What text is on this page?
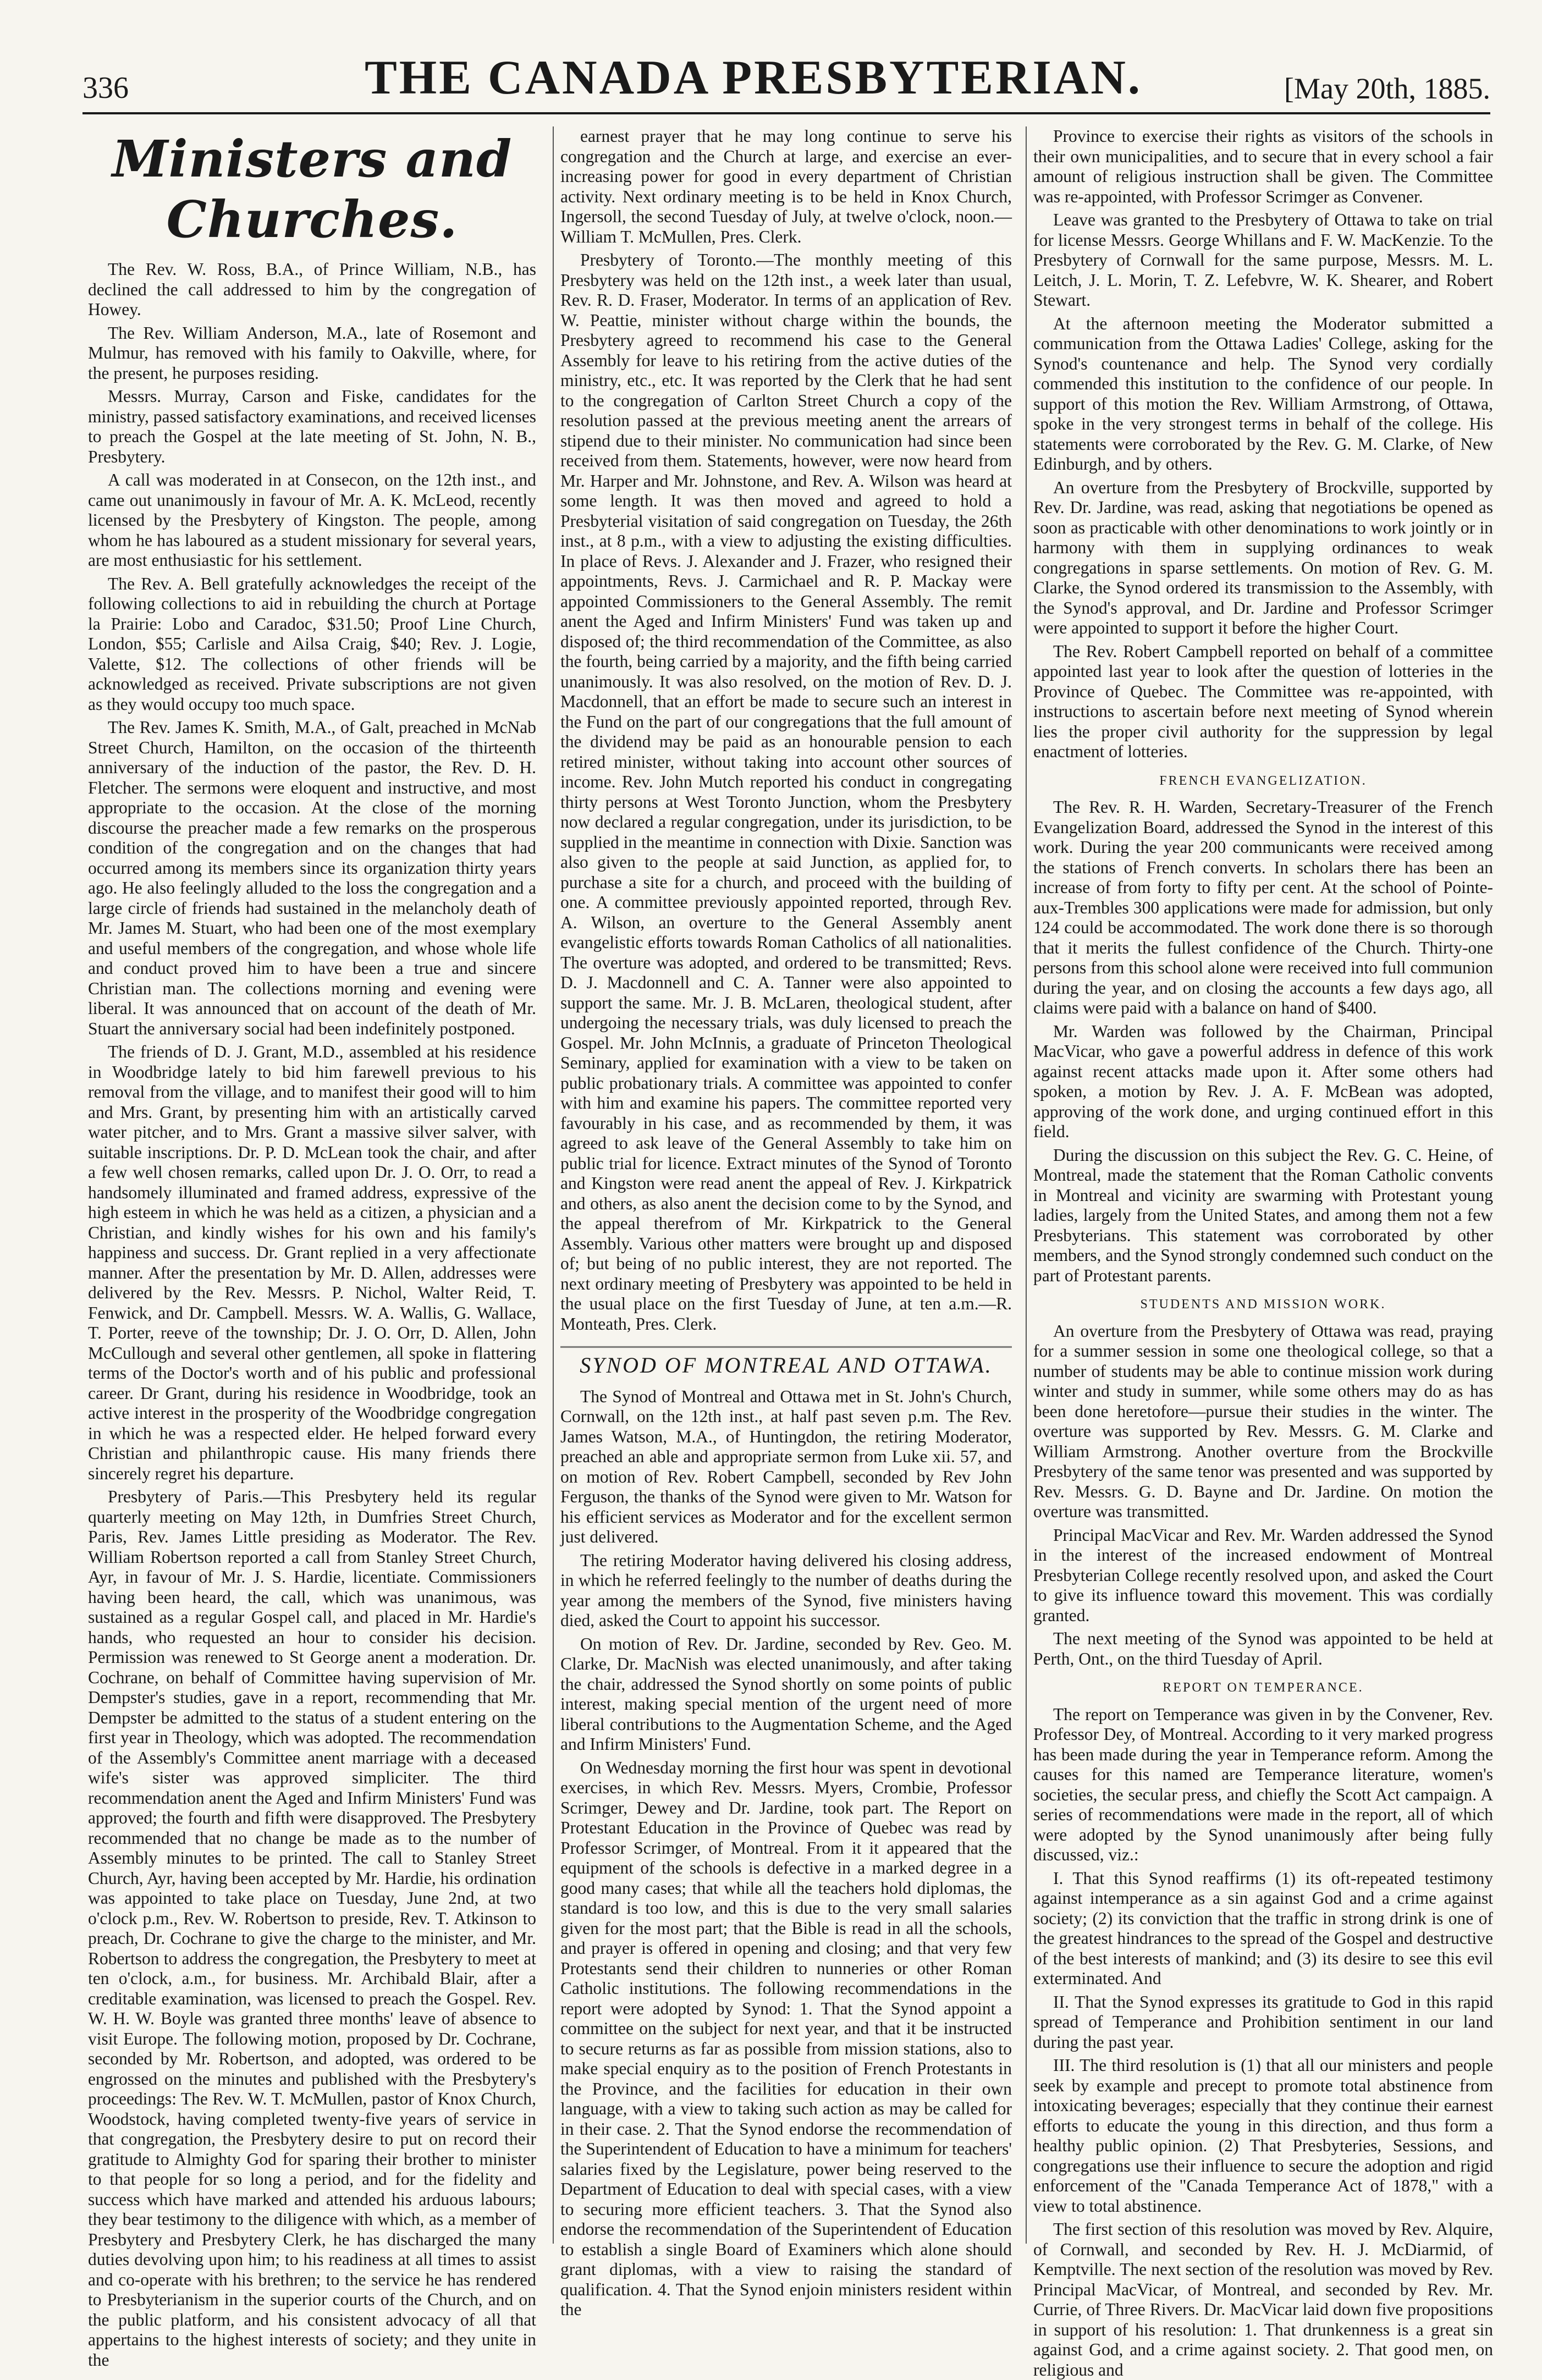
336	THE CANADA PRESBYTERIAN.	[May 20th, 1885.
Ministers and Churches.

The Rev. W. Ross, B.A., of Prince William, N.B., has declined the call addressed to him by the congregation of Howey.

The Rev. William Anderson, M.A., late of Rosemont and Mulmur, has removed with his family to Oakville, where, for the present, he purposes residing.

Messrs. Murray, Carson and Fiske, candidates for the ministry, passed satisfactory examinations, and received licenses to preach the Gospel at the late meeting of St. John, N. B., Presbytery.

A call was moderated in at Consecon, on the 12th inst., and came out unanimously in favour of Mr. A. K. McLeod, recently licensed by the Presbytery of Kingston. The people, among whom he has laboured as a student missionary for several years, are most enthusiastic for his settlement.

The Rev. A. Bell gratefully acknowledges the receipt of the following collections to aid in rebuilding the church at Portage la Prairie: Lobo and Caradoc, $31.50; Proof Line Church, London, $55; Carlisle and Ailsa Craig, $40; Rev. J. Logie, Valette, $12. The collections of other friends will be acknowledged as received. Private subscriptions are not given as they would occupy too much space.

The Rev. James K. Smith, M.A., of Galt, preached in McNab Street Church, Hamilton, on the occasion of the thirteenth anniversary of the induction of the pastor, the Rev. D. H. Fletcher. The sermons were eloquent and instructive, and most appropriate to the occasion. At the close of the morning discourse the preacher made a few remarks on the prosperous condition of the congregation and on the changes that had occurred among its members since its organization thirty years ago. He also feelingly alluded to the loss the congregation and a large circle of friends had sustained in the melancholy death of Mr. James M. Stuart, who had been one of the most exemplary and useful members of the congregation, and whose whole life and conduct proved him to have been a true and sincere Christian man. The collections morning and evening were liberal. It was announced that on account of the death of Mr. Stuart the anniversary social had been indefinitely postponed.

The friends of D. J. Grant, M.D., assembled at his residence in Woodbridge lately to bid him farewell previous to his removal from the village, and to manifest their good will to him and Mrs. Grant, by presenting him with an artistically carved water pitcher, and to Mrs. Grant a massive silver salver, with suitable inscriptions. Dr. P. D. McLean took the chair, and after a few well chosen remarks, called upon Dr. J. O. Orr, to read a handsomely illuminated and framed address, expressive of the high esteem in which he was held as a citizen, a physician and a Christian, and kindly wishes for his own and his family's happiness and success. Dr. Grant replied in a very affectionate manner. After the presentation by Mr. D. Allen, addresses were delivered by the Rev. Messrs. P. Nichol, Walter Reid, T. Fenwick, and Dr. Campbell. Messrs. W. A. Wallis, G. Wallace, T. Porter, reeve of the township; Dr. J. O. Orr, D. Allen, John McCullough and several other gentlemen, all spoke in flattering terms of the Doctor's worth and of his public and professional career. Dr Grant, during his residence in Woodbridge, took an active interest in the prosperity of the Woodbridge congregation in which he was a respected elder. He helped forward every Christian and philanthropic cause. His many friends there sincerely regret his departure.

Presbytery of Paris.—This Presbytery held its regular quarterly meeting on May 12th, in Dumfries Street Church, Paris, Rev. James Little presiding as Moderator. The Rev. William Robertson reported a call from Stanley Street Church, Ayr, in favour of Mr. J. S. Hardie, licentiate. Commissioners having been heard, the call, which was unanimous, was sustained as a regular Gospel call, and placed in Mr. Hardie's hands, who requested an hour to consider his decision. Permission was renewed to St George anent a moderation. Dr. Cochrane, on behalf of Committee having supervision of Mr. Dempster's studies, gave in a report, recommending that Mr. Dempster be admitted to the status of a student entering on the first year in Theology, which was adopted. The recommendation of the Assembly's Committee anent marriage with a deceased wife's sister was approved simpliciter. The third recommendation anent the Aged and Infirm Ministers' Fund was approved; the fourth and fifth were disapproved. The Presbytery recommended that no change be made as to the number of Assembly minutes to be printed. The call to Stanley Street Church, Ayr, having been accepted by Mr. Hardie, his ordination was appointed to take place on Tuesday, June 2nd, at two o'clock p.m., Rev. W. Robertson to preside, Rev. T. Atkinson to preach, Dr. Cochrane to give the charge to the minister, and Mr. Robertson to address the congregation, the Presbytery to meet at ten o'clock, a.m., for business. Mr. Archibald Blair, after a creditable examination, was licensed to preach the Gospel. Rev. W. H. W. Boyle was granted three months' leave of absence to visit Europe. The following motion, proposed by Dr. Cochrane, seconded by Mr. Robertson, and adopted, was ordered to be engrossed on the minutes and published with the Presbytery's proceedings: The Rev. W. T. McMullen, pastor of Knox Church, Woodstock, having completed twenty-five years of service in that congregation, the Presbytery desire to put on record their gratitude to Almighty God for sparing their brother to minister to that people for so long a period, and for the fidelity and success which have marked and attended his arduous labours; they bear testimony to the diligence with which, as a member of Presbytery and Presbytery Clerk, he has discharged the many duties devolving upon him; to his readiness at all times to assist and co-operate with his brethren; to the service he has rendered to Presbyterianism in the superior courts of the Church, and on the public platform, and his consistent advocacy of all that appertains to the highest interests of society; and they unite in the

earnest prayer that he may long continue to serve his congregation and the Church at large, and exercise an ever-increasing power for good in every department of Christian activity. Next ordinary meeting is to be held in Knox Church, Ingersoll, the second Tuesday of July, at twelve o'clock, noon.—William T. McMullen, Pres. Clerk.

Presbytery of Toronto.—The monthly meeting of this Presbytery was held on the 12th inst., a week later than usual, Rev. R. D. Fraser, Moderator. In terms of an application of Rev. W. Peattie, minister without charge within the bounds, the Presbytery agreed to recommend his case to the General Assembly for leave to his retiring from the active duties of the ministry, etc., etc. It was reported by the Clerk that he had sent to the congregation of Carlton Street Church a copy of the resolution passed at the previous meeting anent the arrears of stipend due to their minister. No communication had since been received from them. Statements, however, were now heard from Mr. Harper and Mr. Johnstone, and Rev. A. Wilson was heard at some length. It was then moved and agreed to hold a Presbyterial visitation of said congregation on Tuesday, the 26th inst., at 8 p.m., with a view to adjusting the existing difficulties. In place of Revs. J. Alexander and J. Frazer, who resigned their appointments, Revs. J. Carmichael and R. P. Mackay were appointed Commissioners to the General Assembly. The remit anent the Aged and Infirm Ministers' Fund was taken up and disposed of; the third recommendation of the Committee, as also the fourth, being carried by a majority, and the fifth being carried unanimously. It was also resolved, on the motion of Rev. D. J. Macdonnell, that an effort be made to secure such an interest in the Fund on the part of our congregations that the full amount of the dividend may be paid as an honourable pension to each retired minister, without taking into account other sources of income. Rev. John Mutch reported his conduct in congregating thirty persons at West Toronto Junction, whom the Presbytery now declared a regular congregation, under its jurisdiction, to be supplied in the meantime in connection with Dixie. Sanction was also given to the people at said Junction, as applied for, to purchase a site for a church, and proceed with the building of one. A committee previously appointed reported, through Rev. A. Wilson, an overture to the General Assembly anent evangelistic efforts towards Roman Catholics of all nationalities. The overture was adopted, and ordered to be transmitted; Revs. D. J. Macdonnell and C. A. Tanner were also appointed to support the same. Mr. J. B. McLaren, theological student, after undergoing the necessary trials, was duly licensed to preach the Gospel. Mr. John McInnis, a graduate of Princeton Theological Seminary, applied for examination with a view to be taken on public probationary trials. A committee was appointed to confer with him and examine his papers. The committee reported very favourably in his case, and as recommended by them, it was agreed to ask leave of the General Assembly to take him on public trial for licence. Extract minutes of the Synod of Toronto and Kingston were read anent the appeal of Rev. J. Kirkpatrick and others, as also anent the decision come to by the Synod, and the appeal therefrom of Mr. Kirkpatrick to the General Assembly. Various other matters were brought up and disposed of; but being of no public interest, they are not reported. The next ordinary meeting of Presbytery was appointed to be held in the usual place on the first Tuesday of June, at ten a.m.—R. Monteath, Pres. Clerk.

SYNOD OF MONTREAL AND OTTAWA.

The Synod of Montreal and Ottawa met in St. John's Church, Cornwall, on the 12th inst., at half past seven p.m. The Rev. James Watson, M.A., of Huntingdon, the retiring Moderator, preached an able and appropriate sermon from Luke xii. 57, and on motion of Rev. Robert Campbell, seconded by Rev John Ferguson, the thanks of the Synod were given to Mr. Watson for his efficient services as Moderator and for the excellent sermon just delivered.

The retiring Moderator having delivered his closing address, in which he referred feelingly to the number of deaths during the year among the members of the Synod, five ministers having died, asked the Court to appoint his successor.

On motion of Rev. Dr. Jardine, seconded by Rev. Geo. M. Clarke, Dr. MacNish was elected unanimously, and after taking the chair, addressed the Synod shortly on some points of public interest, making special mention of the urgent need of more liberal contributions to the Augmentation Scheme, and the Aged and Infirm Ministers' Fund.

On Wednesday morning the first hour was spent in devotional exercises, in which Rev. Messrs. Myers, Crombie, Professor Scrimger, Dewey and Dr. Jardine, took part. The Report on Protestant Education in the Province of Quebec was read by Professor Scrimger, of Montreal. From it it appeared that the equipment of the schools is defective in a marked degree in a good many cases; that while all the teachers hold diplomas, the standard is too low, and this is due to the very small salaries given for the most part; that the Bible is read in all the schools, and prayer is offered in opening and closing; and that very few Protestants send their children to nunneries or other Roman Catholic institutions. The following recommendations in the report were adopted by Synod: 1. That the Synod appoint a committee on the subject for next year, and that it be instructed to secure returns as far as possible from mission stations, also to make special enquiry as to the position of French Protestants in the Province, and the facilities for education in their own language, with a view to taking such action as may be called for in their case. 2. That the Synod endorse the recommendation of the Superintendent of Education to have a minimum for teachers' salaries fixed by the Legislature, power being reserved to the Department of Education to deal with special cases, with a view to securing more efficient teachers. 3. That the Synod also endorse the recommendation of the Superintendent of Education to establish a single Board of Examiners which alone should grant diplomas, with a view to raising the standard of qualification. 4. That the Synod enjoin ministers resident within the

Province to exercise their rights as visitors of the schools in their own municipalities, and to secure that in every school a fair amount of religious instruction shall be given. The Committee was re-appointed, with Professor Scrimger as Convener.

Leave was granted to the Presbytery of Ottawa to take on trial for license Messrs. George Whillans and F. W. MacKenzie. To the Presbytery of Cornwall for the same purpose, Messrs. M. L. Leitch, J. L. Morin, T. Z. Lefebvre, W. K. Shearer, and Robert Stewart.

At the afternoon meeting the Moderator submitted a communication from the Ottawa Ladies' College, asking for the Synod's countenance and help. The Synod very cordially commended this institution to the confidence of our people. In support of this motion the Rev. William Armstrong, of Ottawa, spoke in the very strongest terms in behalf of the college. His statements were corroborated by the Rev. G. M. Clarke, of New Edinburgh, and by others.

An overture from the Presbytery of Brockville, supported by Rev. Dr. Jardine, was read, asking that negotiations be opened as soon as practicable with other denominations to work jointly or in harmony with them in supplying ordinances to weak congregations in sparse settlements. On motion of Rev. G. M. Clarke, the Synod ordered its transmission to the Assembly, with the Synod's approval, and Dr. Jardine and Professor Scrimger were appointed to support it before the higher Court.

The Rev. Robert Campbell reported on behalf of a committee appointed last year to look after the question of lotteries in the Province of Quebec. The Committee was re-appointed, with instructions to ascertain before next meeting of Synod wherein lies the proper civil authority for the suppression by legal enactment of lotteries.

FRENCH EVANGELIZATION.

The Rev. R. H. Warden, Secretary-Treasurer of the French Evangelization Board, addressed the Synod in the interest of this work. During the year 200 communicants were received among the stations of French converts. In scholars there has been an increase of from forty to fifty per cent. At the school of Pointe-aux-Trembles 300 applications were made for admission, but only 124 could be accommodated. The work done there is so thorough that it merits the fullest confidence of the Church. Thirty-one persons from this school alone were received into full communion during the year, and on closing the accounts a few days ago, all claims were paid with a balance on hand of $400.

Mr. Warden was followed by the Chairman, Principal MacVicar, who gave a powerful address in defence of this work against recent attacks made upon it. After some others had spoken, a motion by Rev. J. A. F. McBean was adopted, approving of the work done, and urging continued effort in this field.

During the discussion on this subject the Rev. G. C. Heine, of Montreal, made the statement that the Roman Catholic convents in Montreal and vicinity are swarming with Protestant young ladies, largely from the United States, and among them not a few Presbyterians. This statement was corroborated by other members, and the Synod strongly condemned such conduct on the part of Protestant parents.

STUDENTS AND MISSION WORK.

An overture from the Presbytery of Ottawa was read, praying for a summer session in some one theological college, so that a number of students may be able to continue mission work during winter and study in summer, while some others may do as has been done heretofore—pursue their studies in the winter. The overture was supported by Rev. Messrs. G. M. Clarke and William Armstrong. Another overture from the Brockville Presbytery of the same tenor was presented and was supported by Rev. Messrs. G. D. Bayne and Dr. Jardine. On motion the overture was transmitted.

Principal MacVicar and Rev. Mr. Warden addressed the Synod in the interest of the increased endowment of Montreal Presbyterian College recently resolved upon, and asked the Court to give its influence toward this movement. This was cordially granted.

The next meeting of the Synod was appointed to be held at Perth, Ont., on the third Tuesday of April.

REPORT ON TEMPERANCE.

The report on Temperance was given in by the Convener, Rev. Professor Dey, of Montreal. According to it very marked progress has been made during the year in Temperance reform. Among the causes for this named are Temperance literature, women's societies, the secular press, and chiefly the Scott Act campaign. A series of recommendations were made in the report, all of which were adopted by the Synod unanimously after being fully discussed, viz.:

I. That this Synod reaffirms (1) its oft-repeated testimony against intemperance as a sin against God and a crime against society; (2) its conviction that the traffic in strong drink is one of the greatest hindrances to the spread of the Gospel and destructive of the best interests of mankind; and (3) its desire to see this evil exterminated. And

II. That the Synod expresses its gratitude to God in this rapid spread of Temperance and Prohibition sentiment in our land during the past year.

III. The third resolution is (1) that all our ministers and people seek by example and precept to promote total abstinence from intoxicating beverages; especially that they continue their earnest efforts to educate the young in this direction, and thus form a healthy public opinion. (2) That Presbyteries, Sessions, and congregations use their influence to secure the adoption and rigid enforcement of the "Canada Temperance Act of 1878," with a view to total abstinence.

The first section of this resolution was moved by Rev. Alquire, of Cornwall, and seconded by Rev. H. J. McDiarmid, of Kemptville. The next section of the resolution was moved by Rev. Principal MacVicar, of Montreal, and seconded by Rev. Mr. Currie, of Three Rivers. Dr. MacVicar laid down five propositions in support of his resolution: 1. That drunkenness is a great sin against God, and a crime against society. 2. That good men, on religious and
